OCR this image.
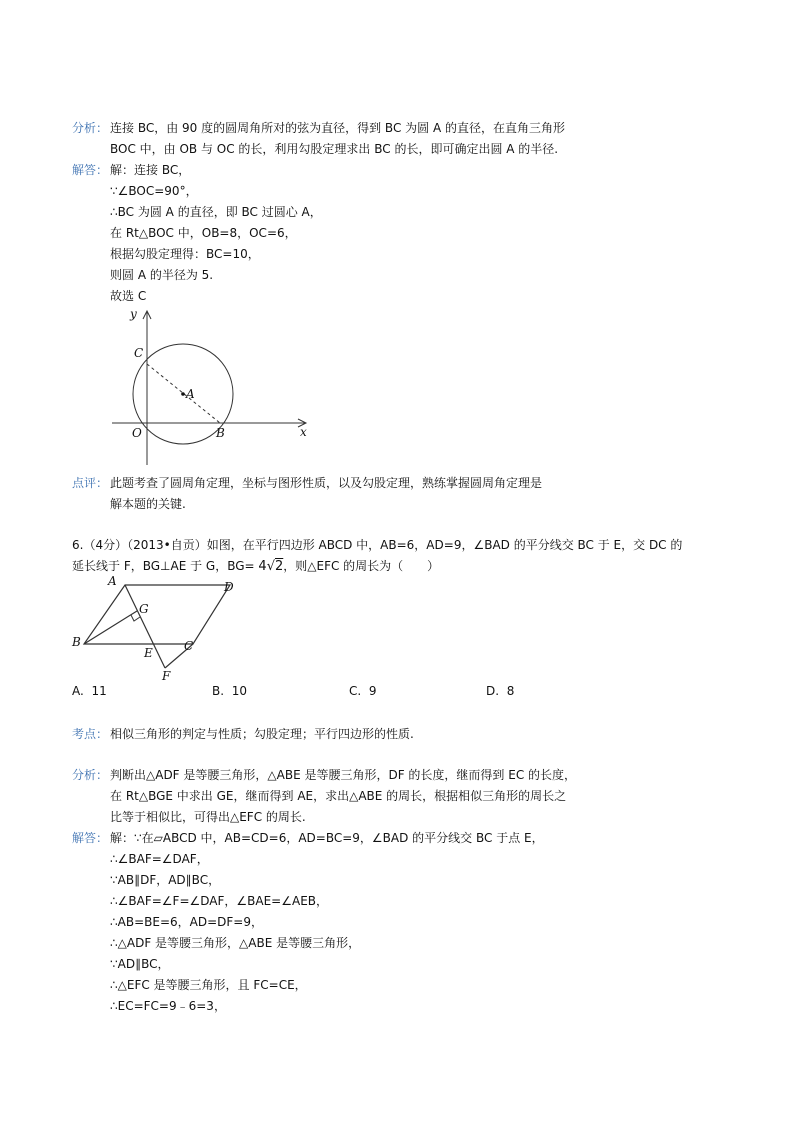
分析： 连接 BC，由 90 度的圆周角所对的弦为直径，得到 BC 为圆 A 的直径，在直角三角形
BOC 中，由 OB 与 OC 的长，利用勾股定理求出 BC 的长，即可确定出圆 A 的半径.
解答： 解：连接 BC，
∵∠BOC=90°，
∴BC 为圆 A 的直径，即 BC 过圆心 A，
在 Rt△BOC 中，OB=8，OC=6，
根据勾股定理得：BC=10，
则圆 A 的半径为 5.
故选 C
y
C
A
O	B	x
点评： 此题考查了圆周角定理，坐标与图形性质，以及勾股定理，熟练掌握圆周角定理是
解本题的关键.
6.（4分）（2013•自贡）如图，在平行四边形 ABCD 中，AB=6，AD=9，∠BAD 的平分线交 BC 于 E，交 DC 的
延长线于 F，BG⊥AE 于 G，BG= 4√2，则△EFC 的周长为（　　）
A	D
G
B	C
E
F
A. 11	B. 10	C. 9	D. 8
考点： 相似三角形的判定与性质；勾股定理；平行四边形的性质.
分析： 判断出△ADF 是等腰三角形，△ABE 是等腰三角形，DF 的长度，继而得到 EC 的长度，
在 Rt△BGE 中求出 GE，继而得到 AE，求出△ABE 的周长，根据相似三角形的周长之
比等于相似比，可得出△EFC 的周长.
解答： 解：∵在▱ABCD 中，AB=CD=6，AD=BC=9，∠BAD 的平分线交 BC 于点 E，
∴∠BAF=∠DAF，
∵AB∥DF，AD∥BC，
∴∠BAF=∠F=∠DAF，∠BAE=∠AEB，
∴AB=BE=6，AD=DF=9，
∴△ADF 是等腰三角形，△ABE 是等腰三角形，
∵AD∥BC，
∴△EFC 是等腰三角形，且 FC=CE，
∴EC=FC=9﹣6=3，
